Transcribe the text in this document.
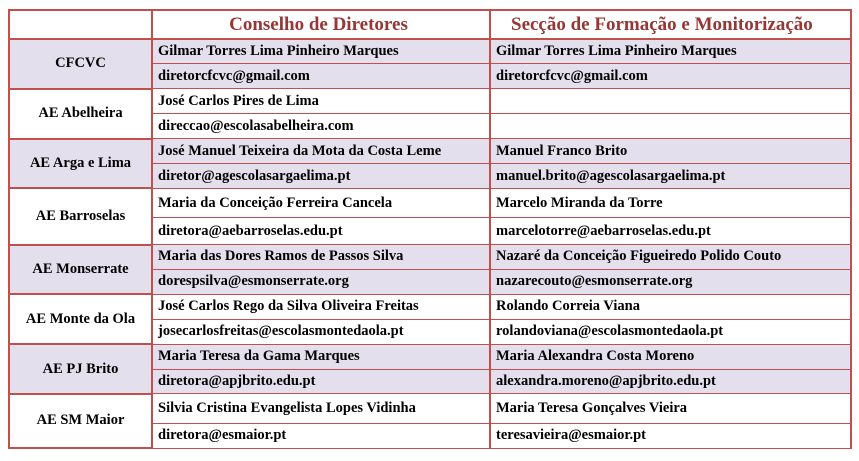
	Conselho de Diretores	Secção de Formação e Monitorização
CFCVC	Gilmar Torres Lima Pinheiro Marques	Gilmar Torres Lima Pinheiro Marques
	diretorcfcvc@gmail.com	diretorcfcvc@gmail.com
AE Abelheira	José Carlos Pires de Lima	
	direccao@escolasabelheira.com	
AE Arga e Lima	José Manuel Teixeira da Mota da Costa Leme	Manuel Franco Brito
	diretor@agescolasargaelima.pt	manuel.brito@agescolasargaelima.pt
AE Barroselas	Maria da Conceição Ferreira Cancela	Marcelo Miranda da Torre
	diretora@aebarroselas.edu.pt	marcelotorre@aebarroselas.edu.pt
AE Monserrate	Maria das Dores Ramos de Passos Silva	Nazaré da Conceição Figueiredo Polido Couto
	dorespsilva@esmonserrate.org	nazarecouto@esmonserrate.org
AE Monte da Ola	José Carlos Rego da Silva Oliveira Freitas	Rolando Correia Viana
	josecarlosfreitas@escolasmontedaola.pt	rolandoviana@escolasmontedaola.pt
AE PJ Brito	Maria Teresa da Gama Marques	Maria Alexandra Costa Moreno
	diretora@apjbrito.edu.pt	alexandra.moreno@apjbrito.edu.pt
AE SM Maior	Silvia Cristina Evangelista Lopes Vidinha	Maria Teresa Gonçalves Vieira
	diretora@esmaior.pt	teresavieira@esmaior.pt
